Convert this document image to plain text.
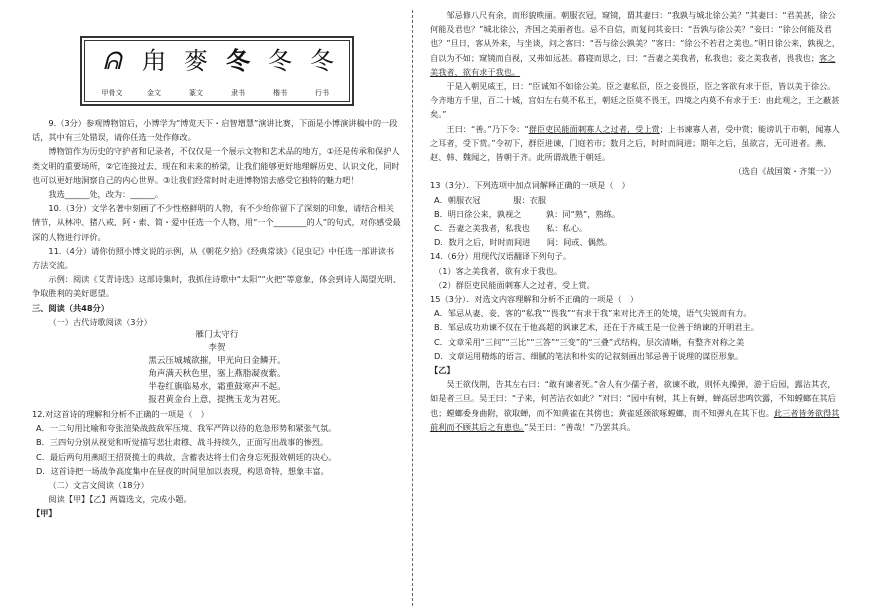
ᕱ 甪 麥 冬 冬 冬
甲骨文	金文	篆文	隶书	楷书	行书

9.（3分）参观博物馆后，小博学为“博览天下・启智增慧”演讲比赛，下面是小博演讲稿中的一段话，其中有三处错误，请你任选一处作修改。

博物馆作为历史的守护者和记录者，不仅仅是一个展示文物和艺术品的地方，①还是传承和保护人类文明的重要场所，②它连接过去、现在和未来的桥梁，让我们能够更好地理解历史、认识文化，同时也可以更好地洞察自己的内心世界。③让我们经常时时走进博物馆去感受它独特的魅力吧！

我选______处，改为：______。

10.（3分）文学名著中刻画了不少性格鲜明的人物，有不少给你留下了深刻的印象，请结合相关情节，从林冲、猪八戒、阿・索、简・爱中任选一个人物，用“一个________的人”的句式，对你感受最深的人物进行评价。

11.（4分）请你仿照小博文说的示例，从《朝花夕拾》《经典常谈》《昆虫记》中任选一部讲读书方法交流。

示例：阅读《艾青诗选》这部诗集时，我抓住诗歌中“太阳”“火把”等意象，体会到诗人渴望光明、争取胜利的美好愿望。

三、阅读（共48分）

（一）古代诗歌阅读（3分）

雁门太守行

李贺

黑云压城城欲摧，甲光向日金鳞开。

角声满天秋色里，塞上燕脂凝夜紫。

半卷红旗临易水，霜重鼓寒声不起。

报君黄金台上意，提携玉龙为君死。

12.对这首诗的理解和分析不正确的一项是（　）

A．一二句用比喻和夸张渲染战鼓敌军压境、我军严阵以待的危急形势和紧张气氛。

B．三四句分别从视觉和听觉描写悲壮肃穆、战斗持续久，正面写出战事的惨烈。

C．最后两句用燕昭王招贤揽士的典故，含蓄表达将士们舍身忘死报效朝廷的决心。

D．这首诗把一场战争高度集中在昼夜的时间里加以表现，构思奇特，想象丰富。

（二）文言文阅读（18分）

阅读【甲】【乙】两篇选文，完成小题。

【甲】

邹忌修八尺有余，而形貌昳丽。朝服衣冠，窥镜，谓其妻曰：“我孰与城北徐公美？”其妻曰：“君美甚，徐公何能及君也？”城北徐公，齐国之美丽者也。忌不自信，而复问其妾曰：“吾孰与徐公美？”妾曰：“徐公何能及君也？”旦日，客从外来，与坐谈，问之客曰：“吾与徐公孰美？”客曰：“徐公不若君之美也。”明日徐公来，孰视之，自以为不如；窥镜而自视，又弗如远甚。暮寝而思之，曰：“吾妻之美我者，私我也；妾之美我者，畏我也；客之美我者，欲有求于我也。

于是入朝见威王，曰：“臣诚知不如徐公美。臣之妻私臣，臣之妾畏臣，臣之客欲有求于臣，皆以美于徐公。今齐地方千里，百二十城，宫妇左右莫不私王，朝廷之臣莫不畏王，四境之内莫不有求于王：由此观之，王之蔽甚矣。”

王曰：“善。”乃下令：“群臣吏民能面刺寡人之过者，受上赏；上书谏寡人者，受中赏；能谤讥于市朝，闻寡人之耳者，受下赏。”令初下，群臣进谏，门庭若市；数月之后，时时而间进；期年之后，虽欲言，无可进者。燕、赵、韩、魏闻之，皆朝于齐。此所谓战胜于朝廷。

（选自《战国策・齐策一》）

13（3分）．下列选项中加点词解释正确的一项是（　）

A．朝服衣冠　　　　服：衣服

B．明日徐公来，孰视之　　　孰：同“熟”，熟练。

C．吾妻之美我者，私我也　　私：私心。

D．数月之后，时时而间进　　间：间或、偶然。

14.（6分）用现代汉语翻译下列句子。

（1）客之美我者，欲有求于我也。

（2）群臣吏民能面刺寡人之过者，受上赏。

15（3分）．对选文内容理解和分析不正确的一项是（　）

A．邹忌从妻、妾、客的“私我”“畏我”“有求于我”来对比齐王的处境，语气尖锐而有力。

B．邹忌成功劝谏不仅在于他高超的讽谏艺术，还在于齐威王是一位善于纳谏的开明君主。

C．文章采用“三问”“三比”“三答”“三变”的“三叠”式结构，层次清晰，有整齐对称之美

D．文章运用精炼的语言、细腻的笔法和朴实的记叙刻画出邹忌善于说理的谋臣形象。

【乙】

吴王欲伐荆，告其左右曰：“敢有谏者死。”舍人有少孺子者，欲谏不敢，则怀丸操弹，游于后园，露沾其衣，如是者三旦。吴王曰：“子来，何苦沾衣如此？”对曰：“园中有树，其上有蝉，蝉高居悲鸣饮露，不知螳螂在其后也；螳螂委身曲附，欲取蝉，而不知黄雀在其傍也；黄雀延颈欲啄螳螂，而不知弹丸在其下也。此三者皆务欲得其前利而不顾其后之有患也。”吴王曰：“善哉！”乃罢其兵。
